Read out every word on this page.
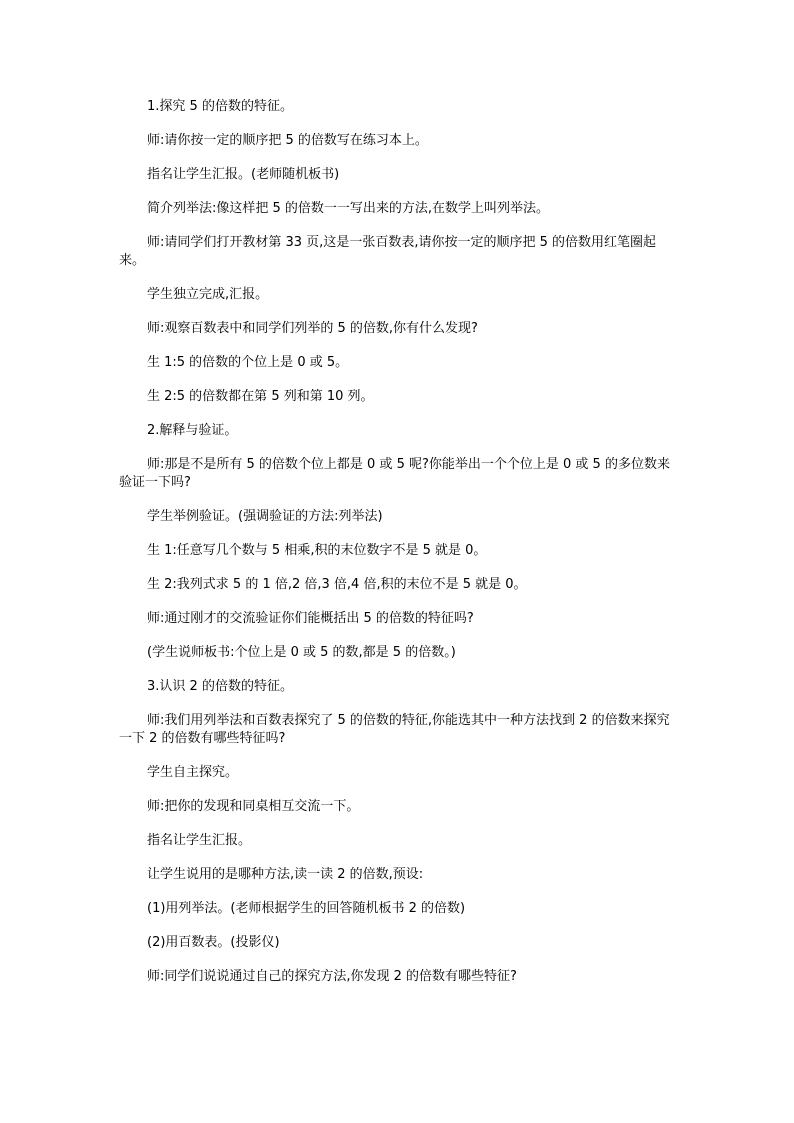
1.探究 5 的倍数的特征。

师:请你按一定的顺序把 5 的倍数写在练习本上。

指名让学生汇报。(老师随机板书)

简介列举法:像这样把 5 的倍数一一写出来的方法,在数学上叫列举法。

师:请同学们打开教材第 33 页,这是一张百数表,请你按一定的顺序把 5 的倍数用红笔圈起来。

学生独立完成,汇报。

师:观察百数表中和同学们列举的 5 的倍数,你有什么发现?

生 1:5 的倍数的个位上是 0 或 5。

生 2:5 的倍数都在第 5 列和第 10 列。

2.解释与验证。

师:那是不是所有 5 的倍数个位上都是 0 或 5 呢?你能举出一个个位上是 0 或 5 的多位数来验证一下吗?

学生举例验证。(强调验证的方法:列举法)

生 1:任意写几个数与 5 相乘,积的末位数字不是 5 就是 0。

生 2:我列式求 5 的 1 倍,2 倍,3 倍,4 倍,积的末位不是 5 就是 0。

师:通过刚才的交流验证你们能概括出 5 的倍数的特征吗?

(学生说师板书:个位上是 0 或 5 的数,都是 5 的倍数。)

3.认识 2 的倍数的特征。

师:我们用列举法和百数表探究了 5 的倍数的特征,你能选其中一种方法找到 2 的倍数来探究一下 2 的倍数有哪些特征吗?

学生自主探究。

师:把你的发现和同桌相互交流一下。

指名让学生汇报。

让学生说用的是哪种方法,读一读 2 的倍数,预设:

(1)用列举法。(老师根据学生的回答随机板书 2 的倍数)

(2)用百数表。(投影仪)

师:同学们说说通过自己的探究方法,你发现 2 的倍数有哪些特征?
